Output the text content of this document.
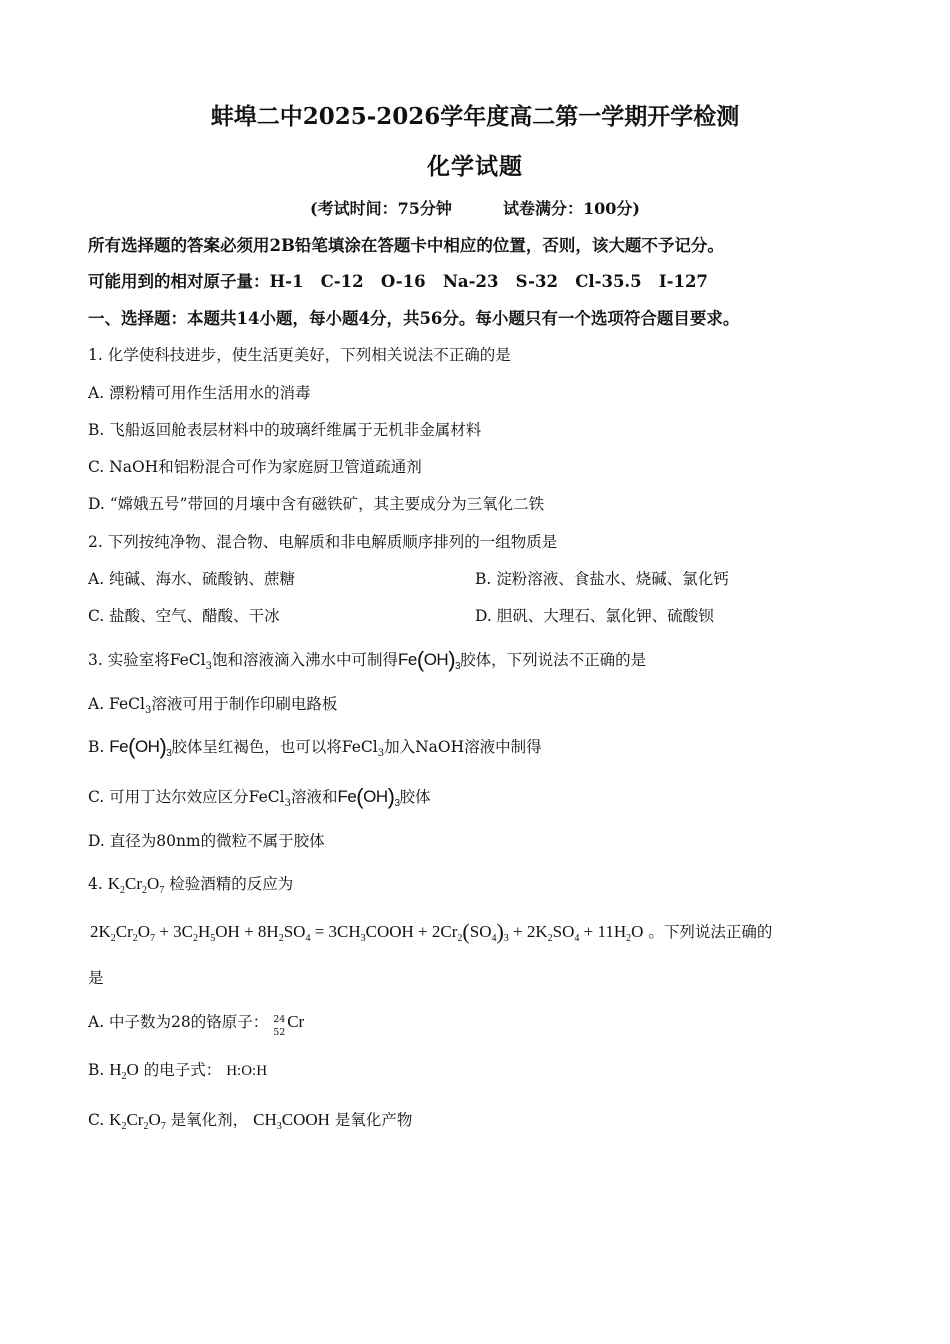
蚌埠二中2025-2026学年度高二第一学期开学检测
化学试题
(考试时间：75分钟	试卷满分：100分)
所有选择题的答案必须用2B铅笔填涂在答题卡中相应的位置，否则，该大题不予记分。
可能用到的相对原子量：H-1   C-12   O-16   Na-23   S-32   Cl-35.5   I-127
一、选择题：本题共14小题，每小题4分，共56分。每小题只有一个选项符合题目要求。
1. 化学使科技进步，使生活更美好，下列相关说法不正确的是
A. 漂粉精可用作生活用水的消毒
B. 飞船返回舱表层材料中的玻璃纤维属于无机非金属材料
C. NaOH和铝粉混合可作为家庭厨卫管道疏通剂
D. “嫦娥五号”带回的月壤中含有磁铁矿，其主要成分为三氧化二铁
2. 下列按纯净物、混合物、电解质和非电解质顺序排列的一组物质是
A. 纯碱、海水、硫酸钠、蔗糖	B. 淀粉溶液、食盐水、烧碱、氯化钙
C. 盐酸、空气、醋酸、干冰	D. 胆矾、大理石、氯化钾、硫酸钡
3. 实验室将FeCl$_3$饱和溶液滴入沸水中可制得$Fe(OH)_3$胶体，下列说法不正确的是
A. FeCl$_3$溶液可用于制作印刷电路板
B. $Fe(OH)_3$胶体呈红褐色，也可以将FeCl$_3$加入NaOH溶液中制得
C. 可用丁达尔效应区分FeCl$_3$溶液和$Fe(OH)_3$胶体
D. 直径为80nm的微粒不属于胶体
4. $K_2Cr_2O_7$ 检验酒精的反应为
$2K_2Cr_2O_7 + 3C_2H_5OH + 8H_2SO_4$ = $3CH_3COOH + 2Cr_2(SO_4)_3 + 2K_2SO_4 + 11H_2O$ 。下列说法正确的
是
A. 中子数为28的铬原子： 24
52
Cr
B. $H_2O$ 的电子式： H:O:H
C. $K_2Cr_2O_7$ 是氧化剂， $CH_3COOH$ 是氧化产物
